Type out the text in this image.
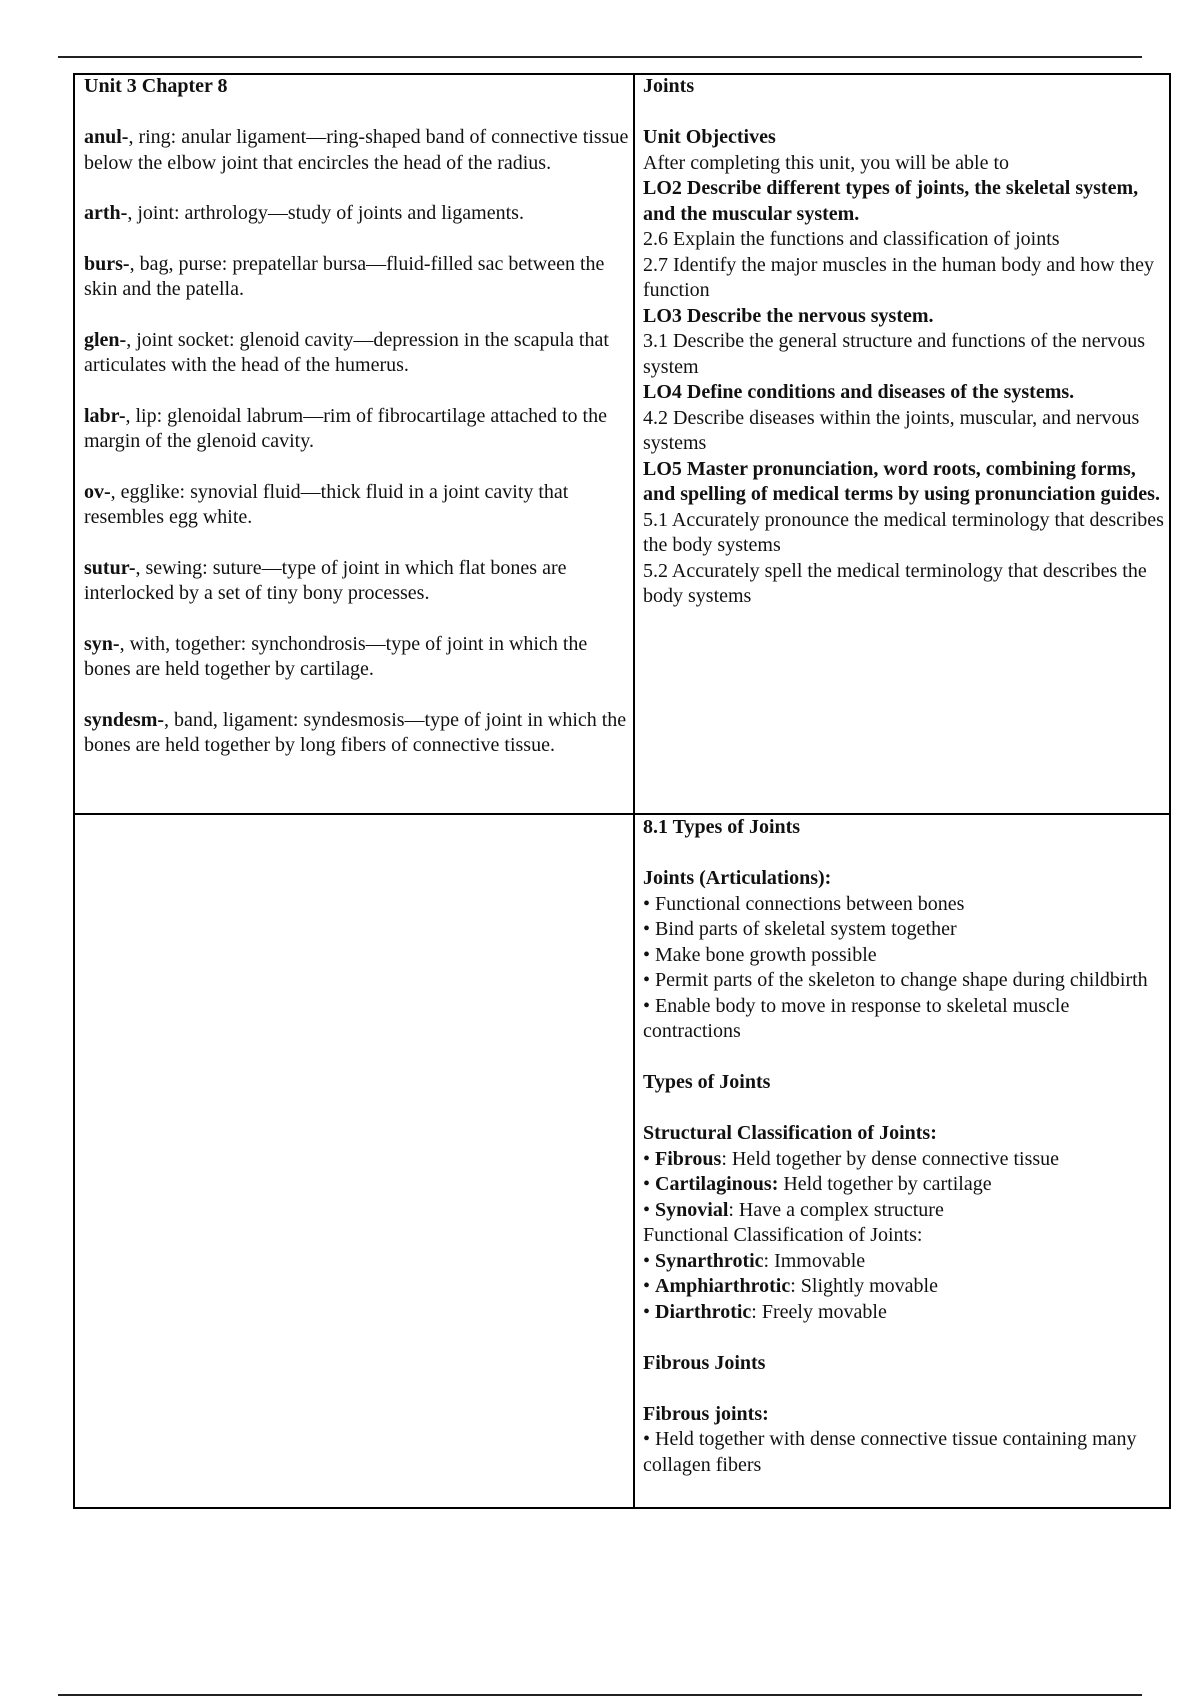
Unit 3 Chapter 8

anul-, ring: anular ligament—ring-shaped band of connective tissue below the elbow joint that encircles the head of the radius.

arth-, joint: arthrology—study of joints and ligaments.

burs-, bag, purse: prepatellar bursa—fluid-filled sac between the skin and the patella.

glen-, joint socket: glenoid cavity—depression in the scapula that articulates with the head of the humerus.

labr-, lip: glenoidal labrum—rim of fibrocartilage attached to the margin of the glenoid cavity.

ov-, egglike: synovial fluid—thick fluid in a joint cavity that resembles egg white.

sutur-, sewing: suture—type of joint in which flat bones are interlocked by a set of tiny bony processes.

syn-, with, together: synchondrosis—type of joint in which the bones are held together by cartilage.

syndesm-, band, ligament: syndesmosis—type of joint in which the bones are held together by long fibers of connective tissue.

Joints

Unit Objectives

After completing this unit, you will be able to

LO2 Describe different types of joints, the skeletal system, and the muscular system.

2.6 Explain the functions and classification of joints

2.7 Identify the major muscles in the human body and how they function

LO3 Describe the nervous system.

3.1 Describe the general structure and functions of the nervous system

LO4 Define conditions and diseases of the systems.

4.2 Describe diseases within the joints, muscular, and nervous systems

LO5 Master pronunciation, word roots, combining forms, and spelling of medical terms by using pronunciation guides.

5.1 Accurately pronounce the medical terminology that describes the body systems

5.2 Accurately spell the medical terminology that describes the body systems

8.1 Types of Joints

Joints (Articulations):

• Functional connections between bones

• Bind parts of skeletal system together

• Make bone growth possible

• Permit parts of the skeleton to change shape during childbirth

• Enable body to move in response to skeletal muscle contractions

Types of Joints

Structural Classification of Joints:

• Fibrous: Held together by dense connective tissue

• Cartilaginous: Held together by cartilage

• Synovial: Have a complex structure

Functional Classification of Joints:

• Synarthrotic: Immovable

• Amphiarthrotic: Slightly movable

• Diarthrotic: Freely movable

Fibrous Joints

Fibrous joints:

• Held together with dense connective tissue containing many collagen fibers
